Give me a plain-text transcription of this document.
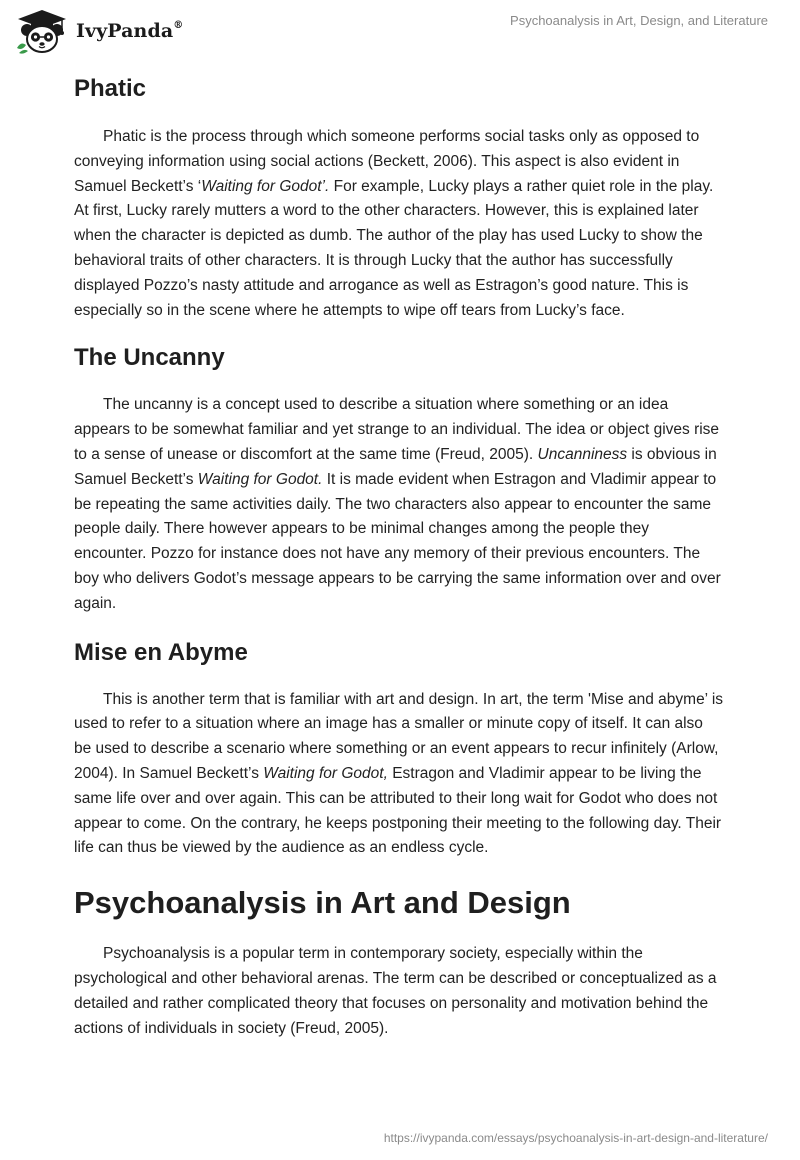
IvyPanda®	Psychoanalysis in Art, Design, and Literature
Phatic

Phatic is the process through which someone performs social tasks only as opposed to conveying information using social actions (Beckett, 2006). This aspect is also evident in Samuel Beckett’s ‘Waiting for Godot’. For example, Lucky plays a rather quiet role in the play. At first, Lucky rarely mutters a word to the other characters. However, this is explained later when the character is depicted as dumb. The author of the play has used Lucky to show the behavioral traits of other characters. It is through Lucky that the author has successfully displayed Pozzo’s nasty attitude and arrogance as well as Estragon’s good nature. This is especially so in the scene where he attempts to wipe off tears from Lucky’s face.

The Uncanny

The uncanny is a concept used to describe a situation where something or an idea appears to be somewhat familiar and yet strange to an individual. The idea or object gives rise to a sense of unease or discomfort at the same time (Freud, 2005). Uncanniness is obvious in Samuel Beckett’s Waiting for Godot. It is made evident when Estragon and Vladimir appear to be repeating the same activities daily. The two characters also appear to encounter the same people daily. There however appears to be minimal changes among the people they encounter. Pozzo for instance does not have any memory of their previous encounters. The boy who delivers Godot’s message appears to be carrying the same information over and over again.

Mise en Abyme

This is another term that is familiar with art and design. In art, the term 'Mise and abyme’ is used to refer to a situation where an image has a smaller or minute copy of itself. It can also be used to describe a scenario where something or an event appears to recur infinitely (Arlow, 2004). In Samuel Beckett’s Waiting for Godot, Estragon and Vladimir appear to be living the same life over and over again. This can be attributed to their long wait for Godot who does not appear to come. On the contrary, he keeps postponing their meeting to the following day. Their life can thus be viewed by the audience as an endless cycle.

Psychoanalysis in Art and Design

Psychoanalysis is a popular term in contemporary society, especially within the psychological and other behavioral arenas. The term can be described or conceptualized as a detailed and rather complicated theory that focuses on personality and motivation behind the actions of individuals in society (Freud, 2005).

https://ivypanda.com/essays/psychoanalysis-in-art-design-and-literature/
